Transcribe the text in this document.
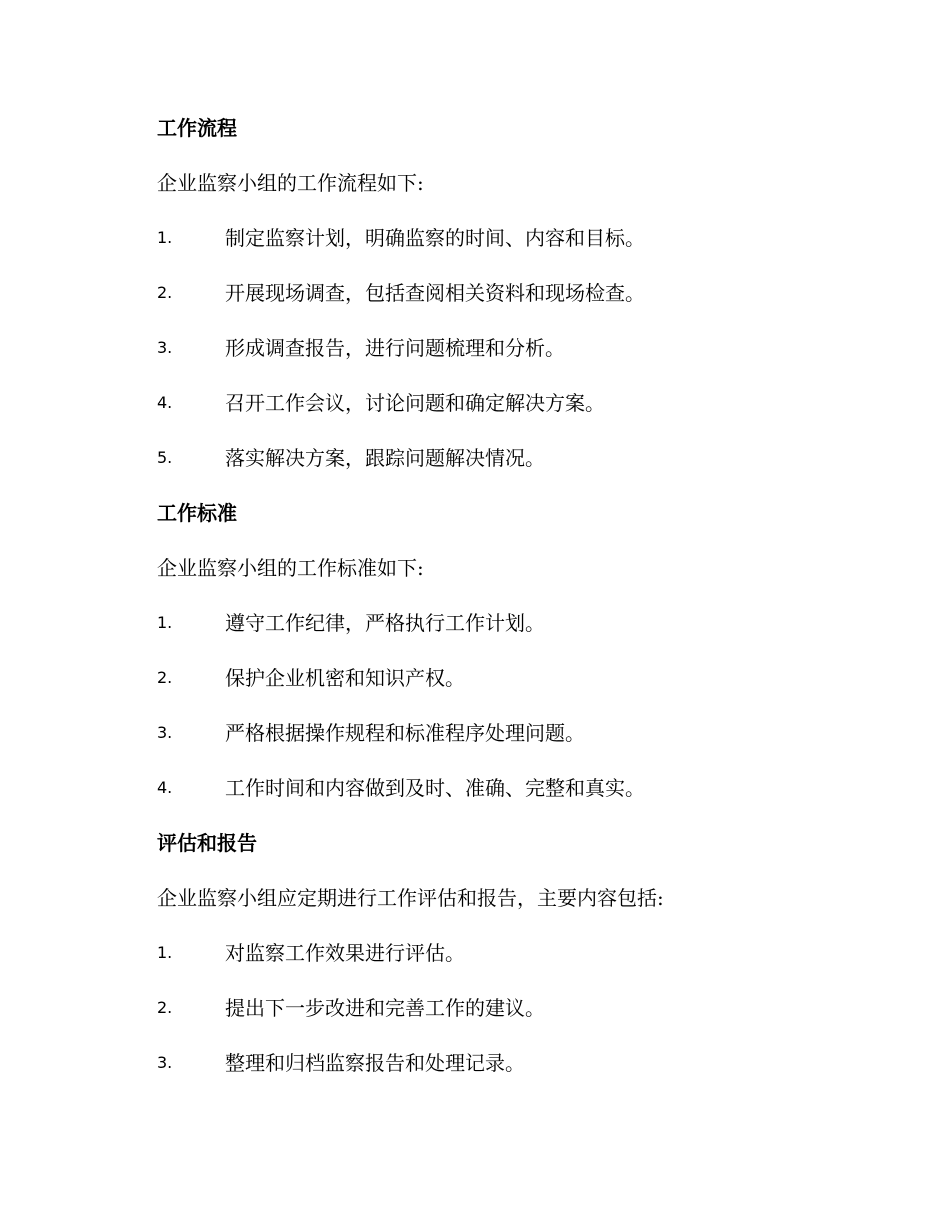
工作流程
企业监察小组的工作流程如下:
1.	制定监察计划，明确监察的时间、内容和目标。
2.	开展现场调查，包括查阅相关资料和现场检查。
3.	形成调查报告，进行问题梳理和分析。
4.	召开工作会议，讨论问题和确定解决方案。
5.	落实解决方案，跟踪问题解决情况。
工作标准
企业监察小组的工作标准如下:
1.	遵守工作纪律，严格执行工作计划。
2.	保护企业机密和知识产权。
3.	严格根据操作规程和标准程序处理问题。
4.	工作时间和内容做到及时、准确、完整和真实。
评估和报告
企业监察小组应定期进行工作评估和报告，主要内容包括:
1.	对监察工作效果进行评估。
2.	提出下一步改进和完善工作的建议。
3.	整理和归档监察报告和处理记录。
